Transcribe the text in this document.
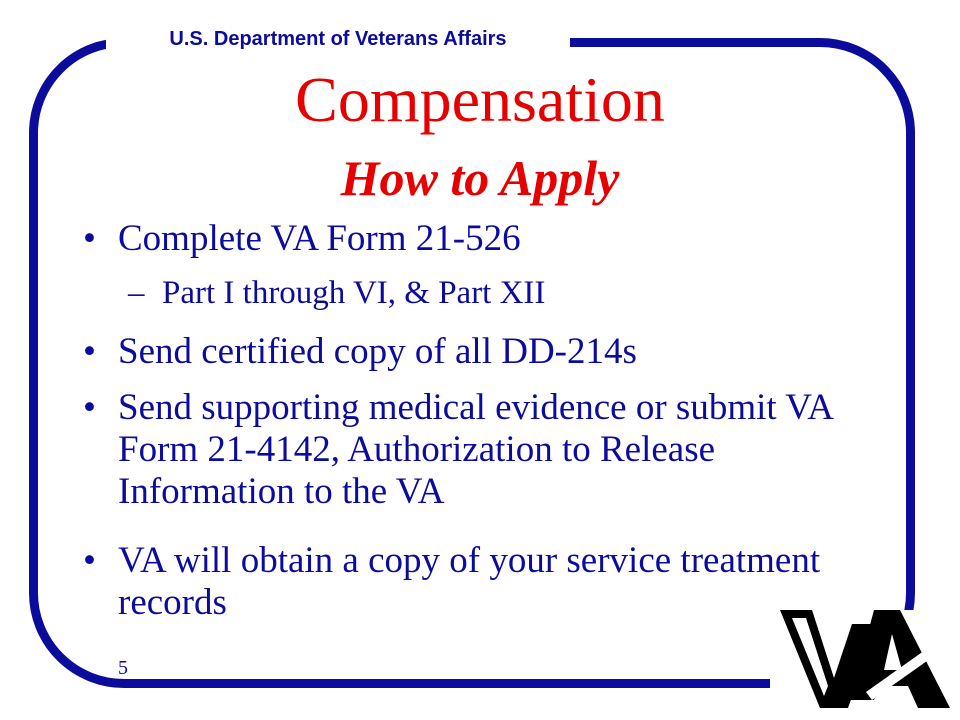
U.S. Department of Veterans Affairs
Compensation
How to Apply
• Complete VA Form 21-526
– Part I through VI, & Part XII
• Send certified copy of all DD-214s
• Send supporting medical evidence or submit VA Form 21-4142, Authorization to Release Information to the VA
• VA will obtain a copy of your service treatment records
5
